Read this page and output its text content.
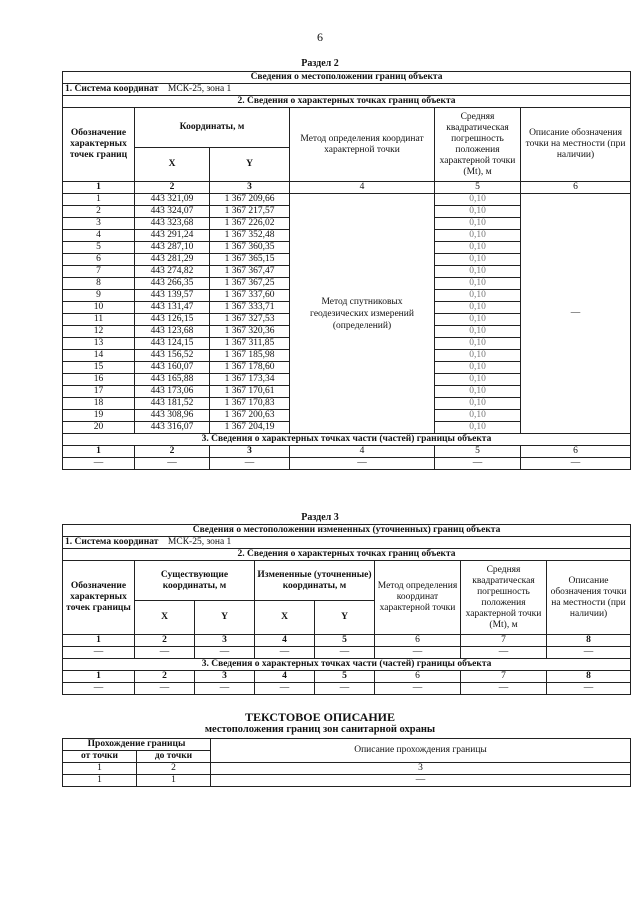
6
Раздел 2
Сведения о местоположении границ объекта					
1. Система координат МСК-25, зона 1					
2. Сведения о характерных точках границ объекта					
Обозначение характерных точек границ	Координаты, м		Метод определения координат характерной точки	Средняя квадратическая погрешность положения характерной точки (Mt), м	Описание обозначения точки на местности (при наличии)
	X	Y			
1	2	3	4	5	6
1	443 321,09	1 367 209,66	Метод спутниковых геодезических измерений (определений)	0,10	—
2	443 324,07	1 367 217,57		0,10	
3	443 323,68	1 367 226,02		0,10	
4	443 291,24	1 367 352,48		0,10	
5	443 287,10	1 367 360,35		0,10	
6	443 281,29	1 367 365,15		0,10	
7	443 274,82	1 367 367,47		0,10	
8	443 266,35	1 367 367,25		0,10	
9	443 139,57	1 367 337,60		0,10	
10	443 131,47	1 367 333,71		0,10	
11	443 126,15	1 367 327,53		0,10	
12	443 123,68	1 367 320,36		0,10	
13	443 124,15	1 367 311,85		0,10	
14	443 156,52	1 367 185,98		0,10	
15	443 160,07	1 367 178,60		0,10	
16	443 165,88	1 367 173,34		0,10	
17	443 173,06	1 367 170,61		0,10	
18	443 181,52	1 367 170,83		0,10	
19	443 308,96	1 367 200,63		0,10	
20	443 316,07	1 367 204,19		0,10	
3. Сведения о характерных точках части (частей) границы объекта					
1	2	3	4	5	6
—	—	—	—	—	—
Раздел 3
Сведения о местоположении измененных (уточненных) границ объекта							
1. Система координат МСК-25, зона 1							
2. Сведения о характерных точках границ объекта							
Обозначение характерных точек границы	Существующие координаты, м		Измененные (уточненные) координаты, м		Метод определения координат характерной точки	Средняя квадратическая погрешность положения характерной точки (Mt), м	Описание обозначения точки на местности (при наличии)
	X	Y	X	Y			
1	2	3	4	5	6	7	8
—	—	—	—	—	—	—	—
3. Сведения о характерных точках части (частей) границы объекта							
1	2	3	4	5	6	7	8
—	—	—	—	—	—	—	—
ТЕКСТОВОЕ ОПИСАНИЕ
местоположения границ зон санитарной охраны
Прохождение границы		Описание прохождения границы
от точки	до точки	
1	2	3
1	1	—
